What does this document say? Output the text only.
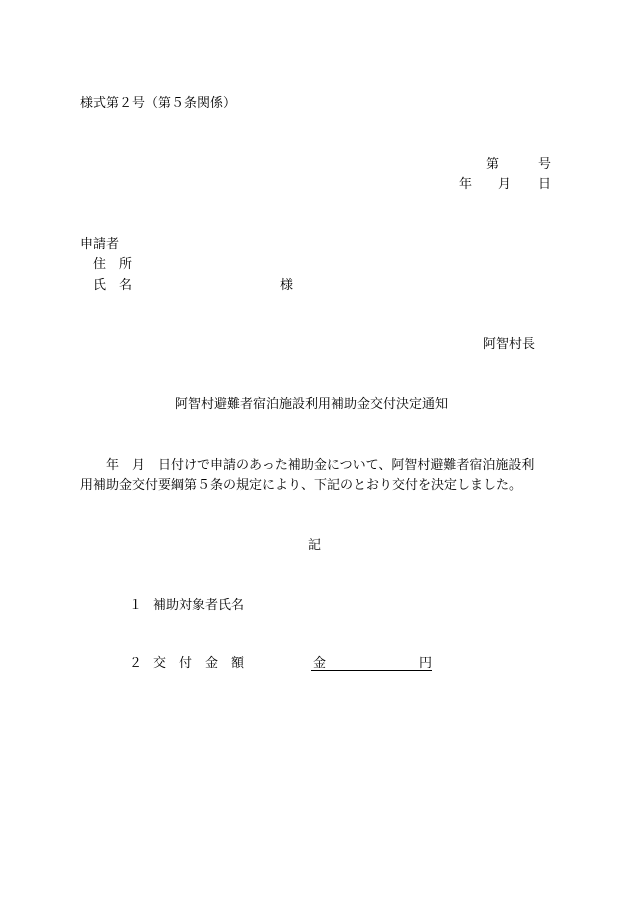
様式第２号（第５条関係）
第	号
年 月 日
申請者
住　所
氏　名	様
阿智村長
阿智村避難者宿泊施設利用補助金交付決定通知
　　年　月　日付けで申請のあった補助金について、阿智村避難者宿泊施設利
用補助金交付要綱第５条の規定により、下記のとおり交付を決定しました。
記
１ 補助対象者氏名
２ 交　付　金　額	金	円
